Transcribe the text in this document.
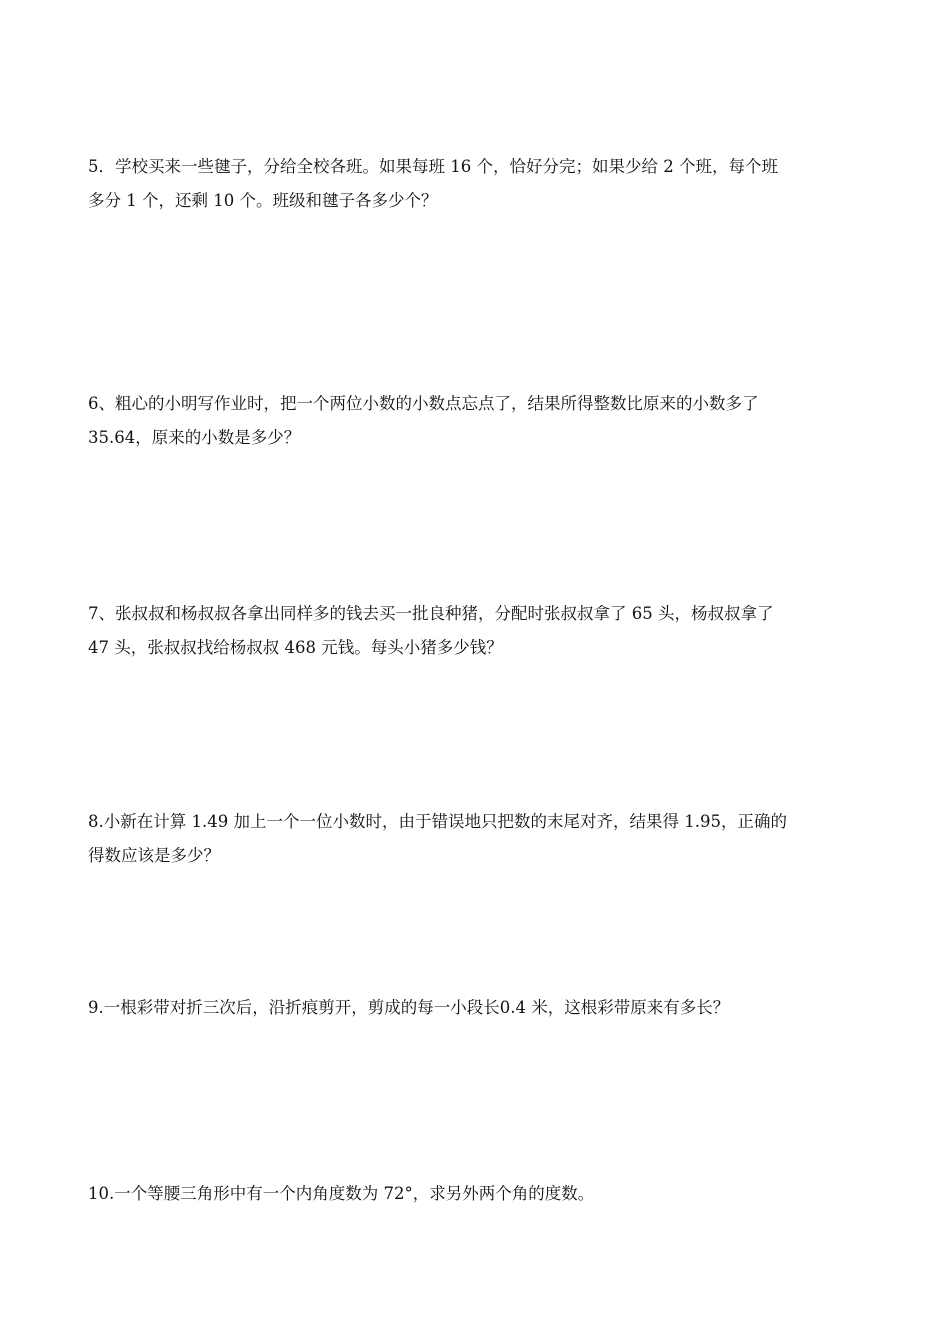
5．学校买来一些毽子，分给全校各班。如果每班 16 个，恰好分完；如果少给 2 个班，每个班
多分 1 个，还剩 10 个。班级和毽子各多少个？

6、粗心的小明写作业时，把一个两位小数的小数点忘点了，结果所得整数比原来的小数多了
35.64，原来的小数是多少？

7、张叔叔和杨叔叔各拿出同样多的钱去买一批良种猪，分配时张叔叔拿了 65 头，杨叔叔拿了
47 头，张叔叔找给杨叔叔 468 元钱。每头小猪多少钱？

8.小新在计算 1.49 加上一个一位小数时，由于错误地只把数的末尾对齐，结果得 1.95，正确的
得数应该是多少？

9.一根彩带对折三次后，沿折痕剪开，剪成的每一小段长0.4 米，这根彩带原来有多长？

10.一个等腰三角形中有一个内角度数为 72°，求另外两个角的度数。
